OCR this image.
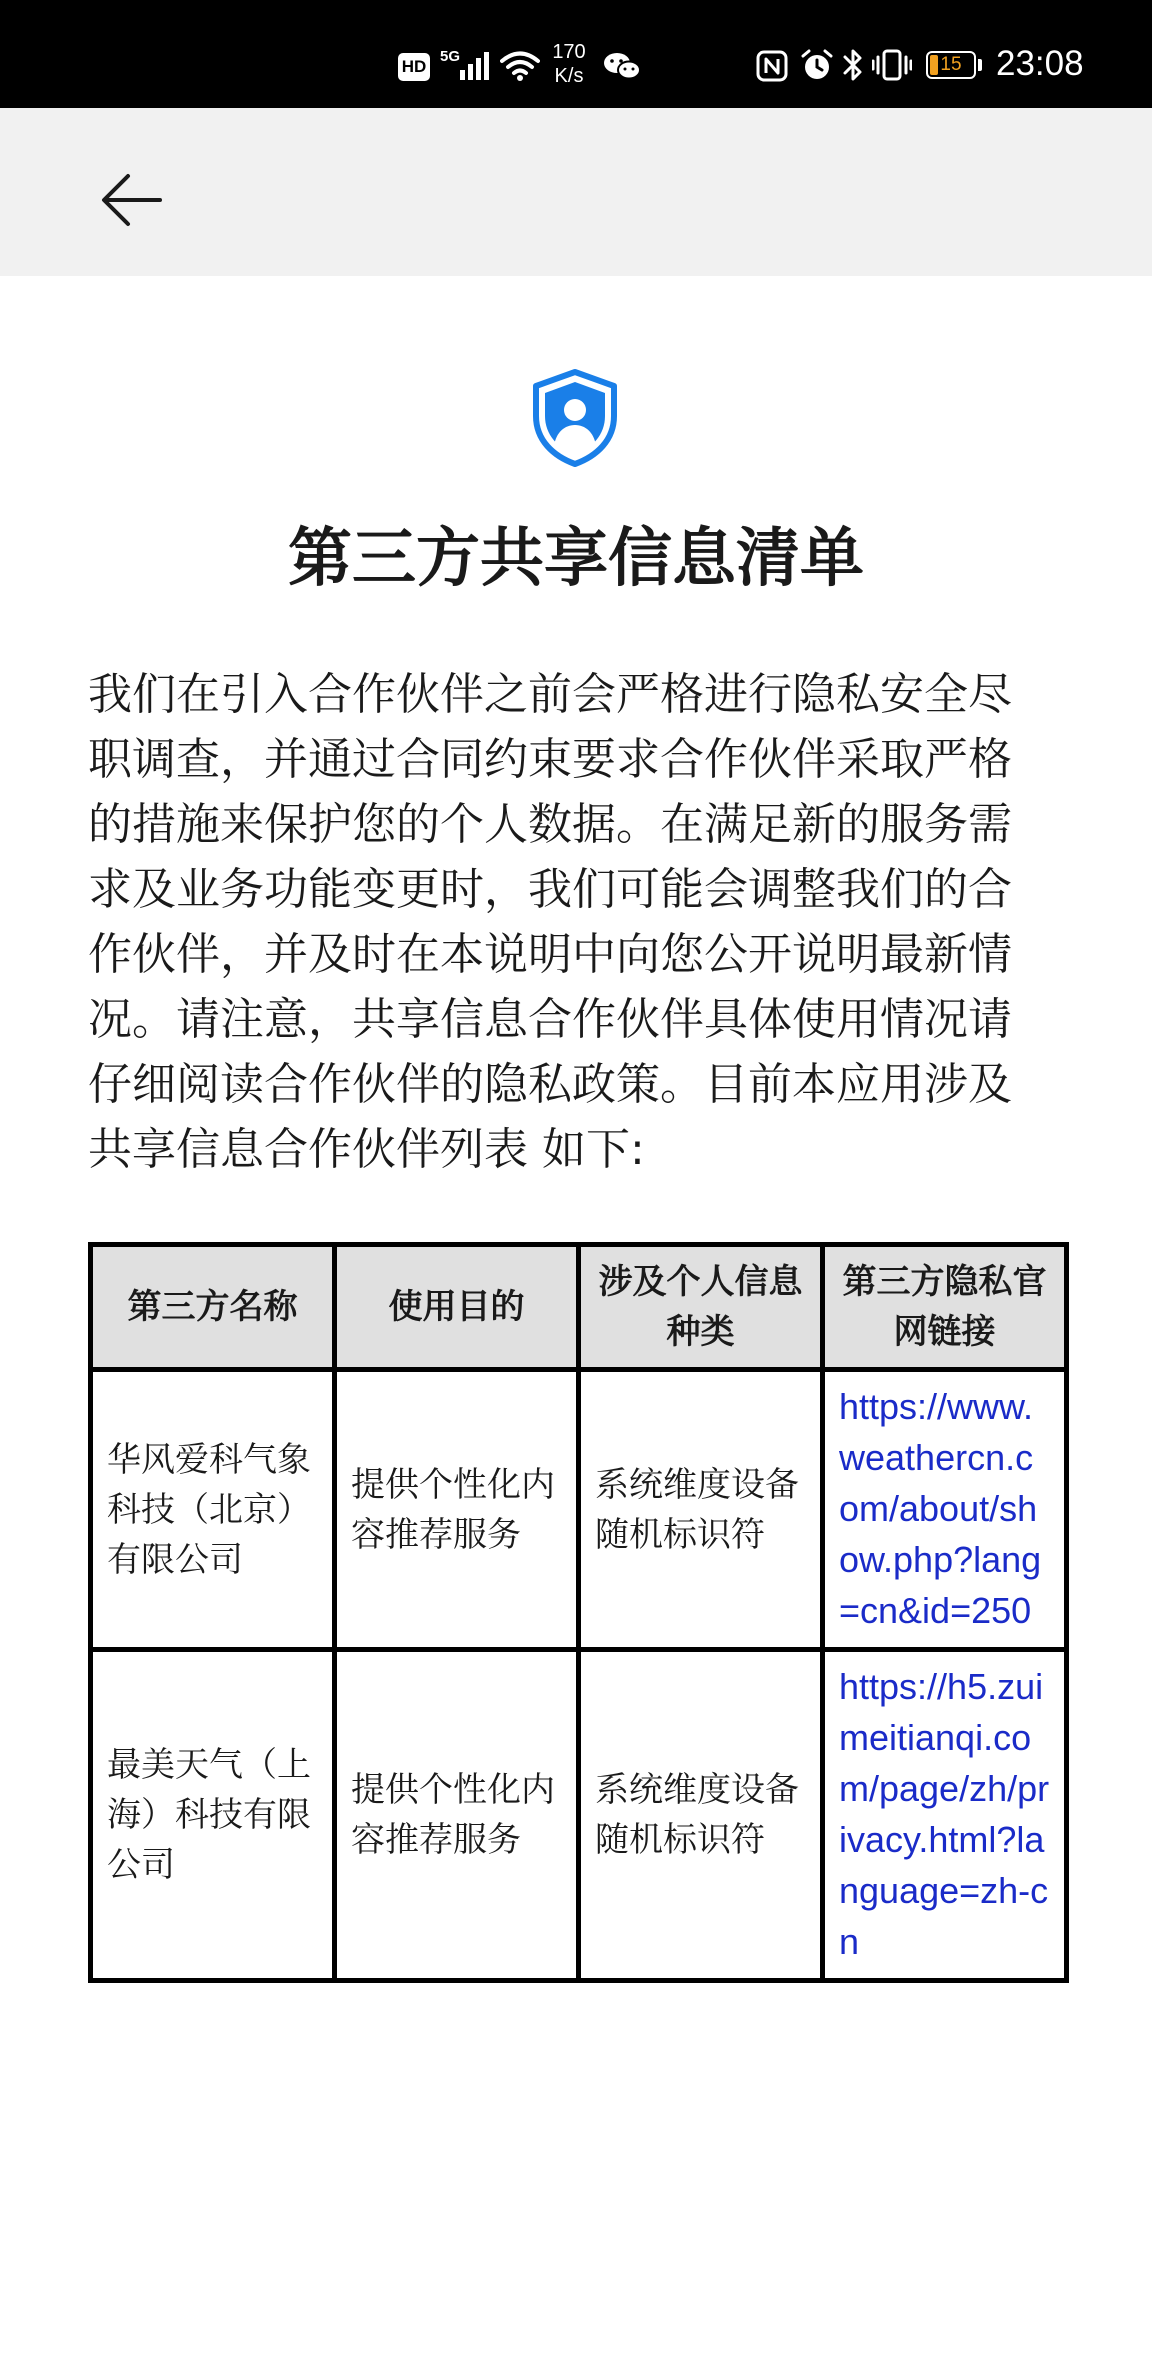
HD
5G	170
K/s
15 23:08
第三方共享信息清单
我们在引入合作伙伴之前会严格进行隐私安全尽职调查，并通过合同约束要求合作伙伴采取严格的措施来保护您的个人数据。在满足新的服务需求及业务功能变更时，我们可能会调整我们的合作伙伴，并及时在本说明中向您公开说明最新情况。请注意，共享信息合作伙伴具体使用情况请仔细阅读合作伙伴的隐私政策。目前本应用涉及共享信息合作伙伴列表 如下:
第三方名称	使用目的	涉及个人信息种类	第三方隐私官网链接
华风爱科气象科技（北京）有限公司	提供个性化内容推荐服务	系统维度设备随机标识符	https://www.weathercn.com/about/show.php?lang=cn&id=250
最美天气（上海）科技有限公司	提供个性化内容推荐服务	系统维度设备随机标识符	https://h5.zuimeitianqi.com/page/zh/privacy.html?language=zh-cn
